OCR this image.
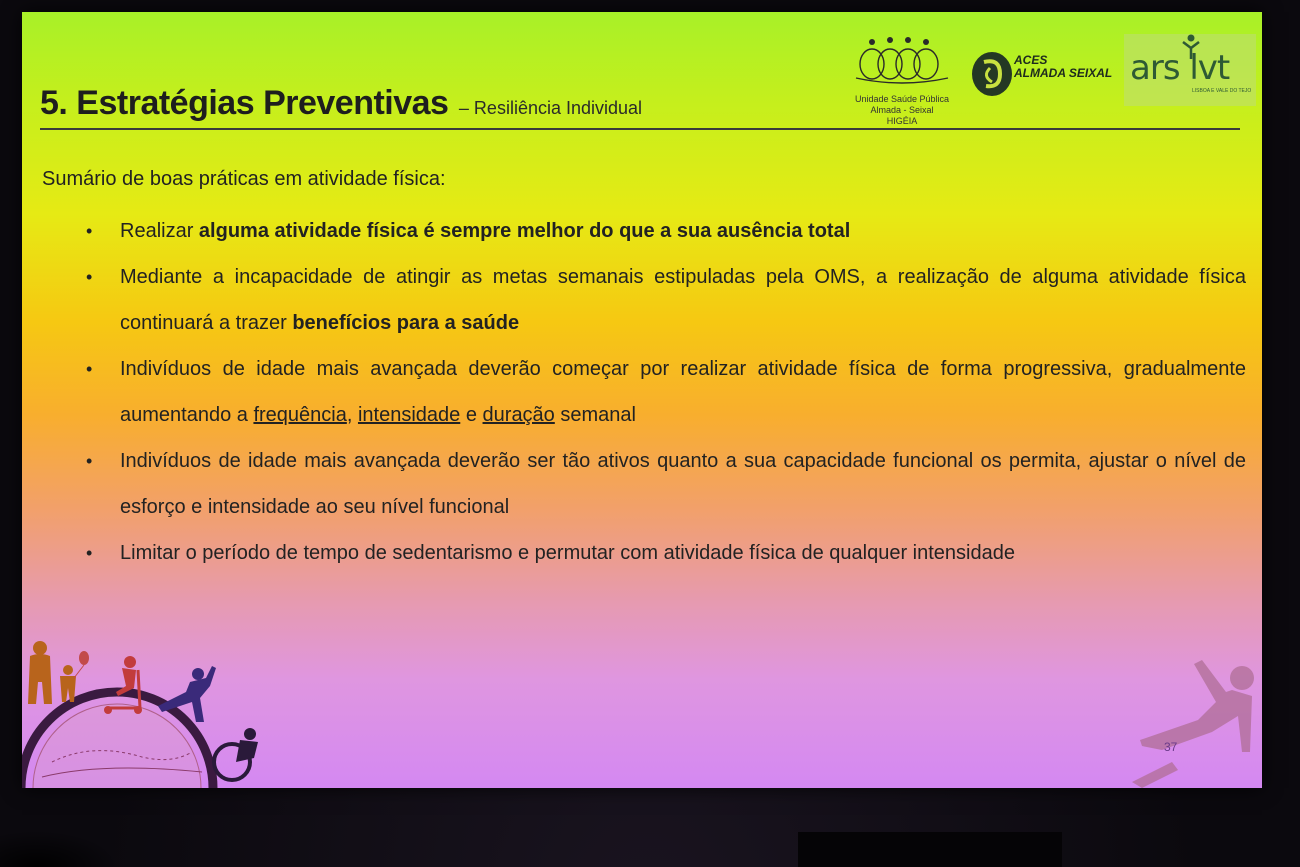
5. Estratégias Preventivas – Resiliência Individual	Unidade Saúde Pública
Almada - Seixal
HIGÉIA
ACES
ALMADA SEIXAL ars lvt
LISBOA E VALE DO TEJO
Sumário de boas práticas em atividade física:
• Realizar alguma atividade física é sempre melhor do que a sua ausência total
• Mediante a incapacidade de atingir as metas semanais estipuladas pela OMS, a realização de alguma atividade física continuará a trazer benefícios para a saúde
• Indivíduos de idade mais avançada deverão começar por realizar atividade física de forma progressiva, gradualmente aumentando a frequência, intensidade e duração semanal
• Indivíduos de idade mais avançada deverão ser tão ativos quanto a sua capacidade funcional os permita, ajustar o nível de esforço e intensidade ao seu nível funcional
• Limitar o período de tempo de sedentarismo e permutar com atividade física de qualquer intensidade
37
